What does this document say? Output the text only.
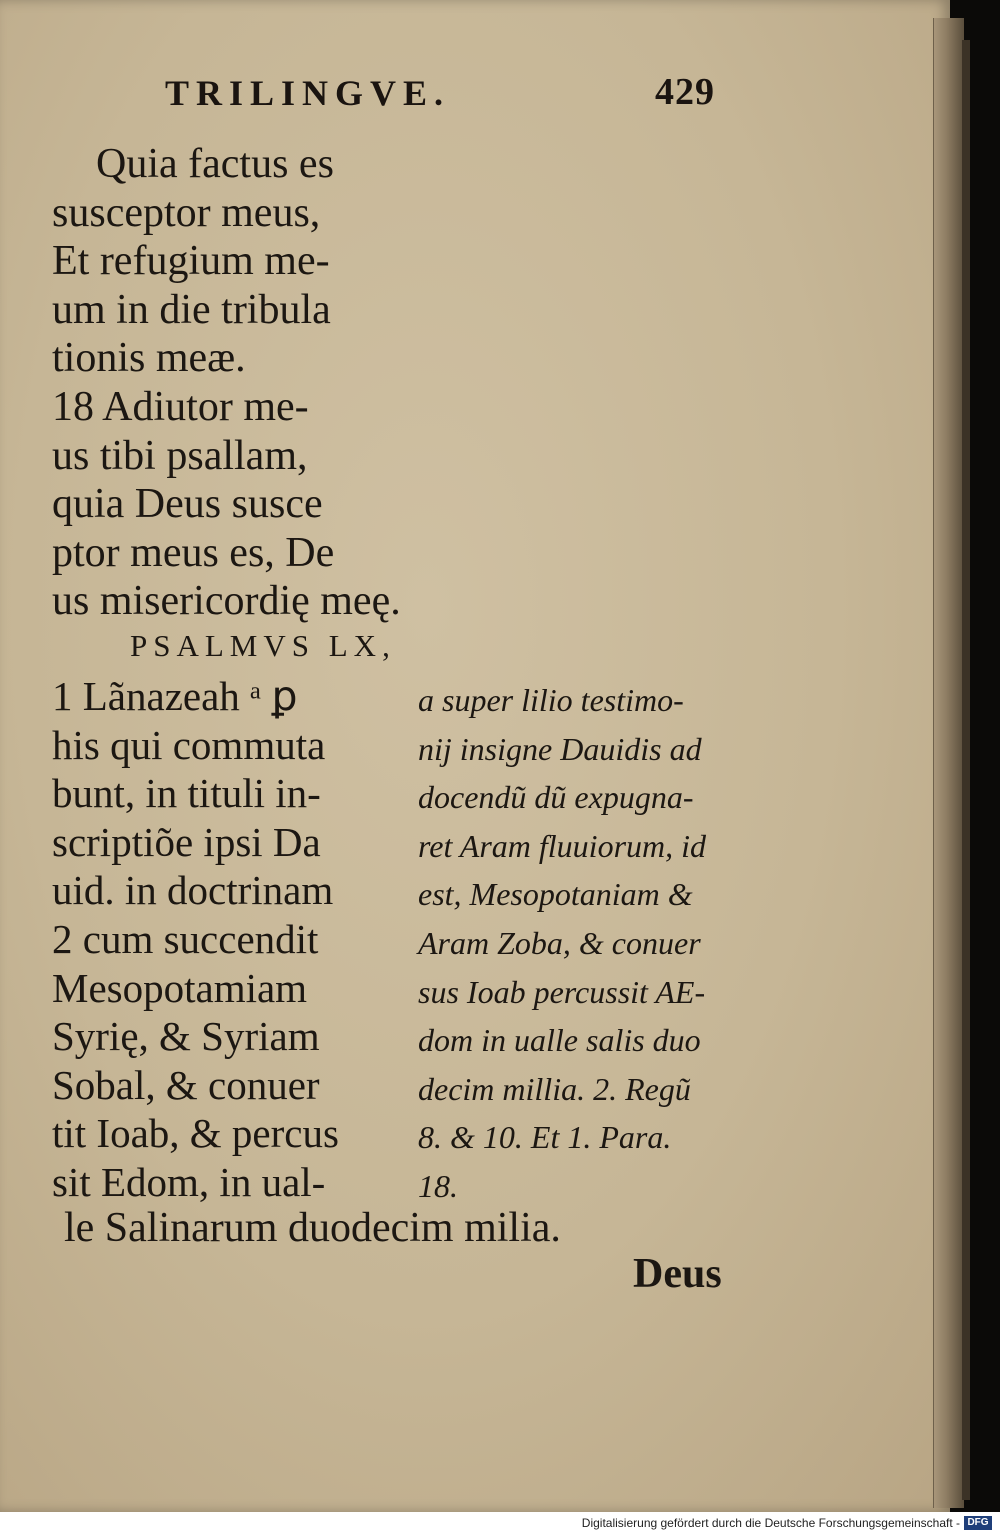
TRILINGVE.	429
Quia factus es
susceptor meus,
Et refugium me-
um in die tribula
tionis meæ.
18 Adiutor me-
us tibi psallam,
quia Deus susce
ptor meus es, De
us misericordię meę.
PSALMVS LX,
1 Lãnazeah ᵃ ꝑ
his qui commuta
bunt, in tituli in-
scriptiõe ipsi Da
uid. in doctrinam
2 cum succendit
Mesopotamiam
Syrię, & Syriam
Sobal, & conuer
tit Ioab, & percus
sit Edom, in ual-
a super lilio testimo-
nij insigne Dauidis ad
docendũ dũ expugna-
ret Aram fluuiorum, id
est, Mesopotaniam &
Aram Zoba, & conuer
sus Ioab percussit AE-
dom in ualle salis duo
decim millia. 2. Regũ
8. & 10. Et 1. Para.
18.
le Salinarum duodecim milia.
Deus
Digitalisierung gefördert durch die Deutsche Forschungsgemeinschaft - DFG
